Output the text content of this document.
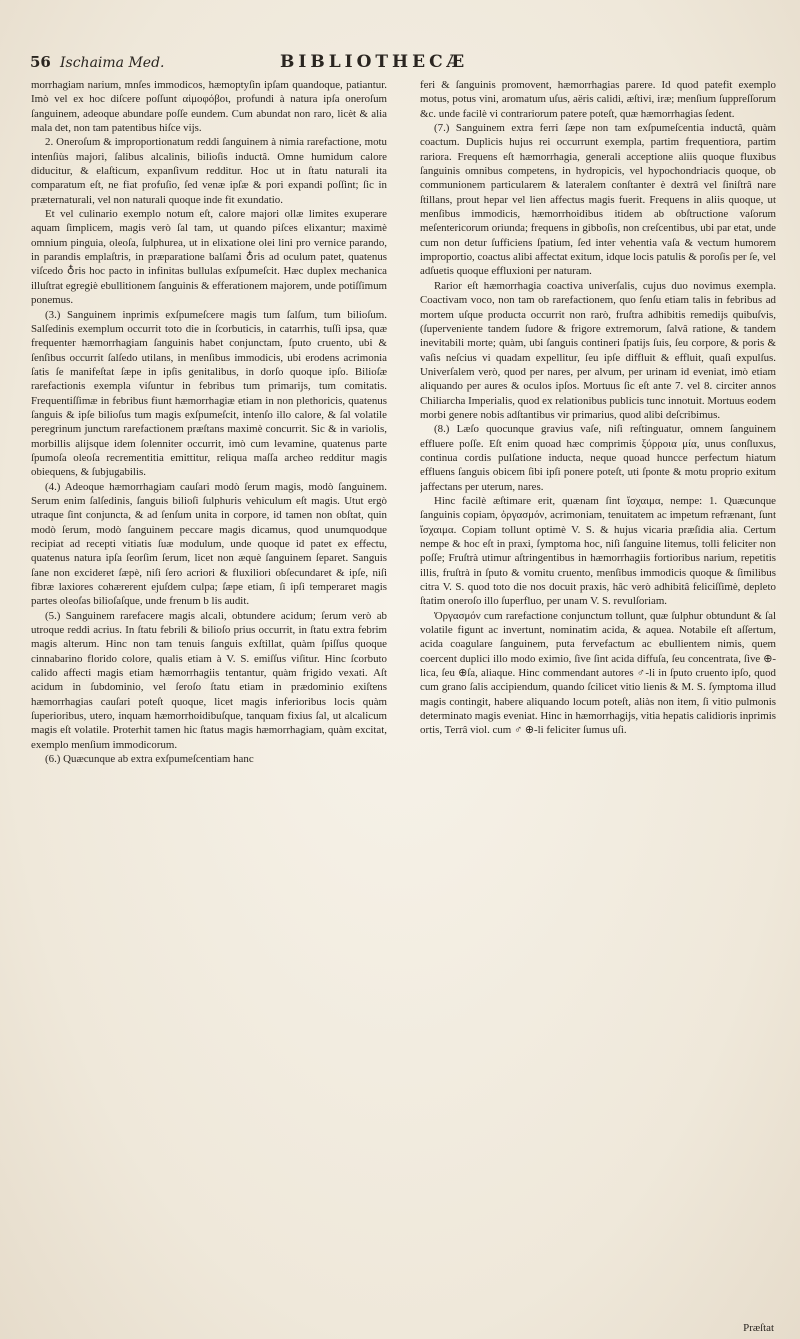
56 Ischaima Med.	BIBLIOTHECÆ

morrhagiam narium, mnſes immodicos, hæmoptyſin ipſam quandoque, patiantur. Imò vel ex hoc diſcere poſſunt αἱμοφόβοι, profundi à natura ipſa oneroſum ſanguinem, adeoque abundare poſſe eundem. Cum abundat non raro, licèt & alia mala det, non tam patentibus hiſce vijs.

2. Oneroſum & improportionatum reddi ſanguinem à nimia rarefactione, motu intenſiùs majori, ſalibus alcalinis, bilioſis inductâ. Omne humidum calore diducitur, & elaſticum, expanſivum redditur. Hoc ut in ſtatu naturali ita comparatum eſt, ne fiat profuſio, ſed venæ ipſæ & pori expandi poſſint; ſic in præternaturali, vel non naturali quoque inde fit exundatio.

Et vel culinario exemplo notum eſt, calore majori ollæ limites exuperare aquam ſimplicem, magis verò ſal tam, ut quando piſces elixantur; maximè omnium pinguia, oleoſa, ſulphurea, ut in elixatione olei lini pro vernice parando, in parandis emplaſtris, in præparatione balſami ♁ris ad oculum patet, quatenus viſcedo ♁ris hoc pacto in infinitas bullulas exſpumeſcit. Hæc duplex mechanica illuſtrat egregiè ebullitionem ſanguinis & efferationem majorem, unde potiſſimum ponemus.

(3.) Sanguinem inprimis exſpumeſcere magis tum ſalſum, tum bilioſum. Salſedinis exemplum occurrit toto die in ſcorbuticis, in catarrhis, tuſſi ipsa, quæ frequenter hæmorrhagiam ſanguinis habet conjunctam, ſputo cruento, ubi & ſenſibus occurrit ſalſedo utilans, in menſibus immodicis, ubi erodens acrimonia ſatis ſe manifeſtat ſæpe in ipſis genitalibus, in dorſo quoque ipſo. Bilioſæ rarefactionis exempla viſuntur in febribus tum primarijs, tum comitatis. Frequentiſſimæ in febribus fiunt hæmorrhagiæ etiam in non plethoricis, quatenus ſanguis & ipſe bilioſus tum magis exſpumeſcit, intenſo illo calore, & ſal volatile peregrinum junctum rarefactionem præſtans maximè concurrit. Sic & in variolis, morbillis alijsque idem ſolenniter occurrit, imò cum levamine, quatenus parte ſpumoſa oleoſa recrementitia emittitur, reliqua maſſa archeo redditur magis obiequens, & ſubjugabilis.

(4.) Adeoque hæmorrhagiam cauſari modò ſerum magis, modò ſanguinem. Serum enim ſalſedinis, ſanguis bilioſi ſulphuris vehiculum eſt magis. Utut ergò utraque ſint conjuncta, & ad ſenſum unita in corpore, id tamen non obſtat, quin modò ſerum, modò ſanguinem peccare magis dicamus, quod unumquodque recipiat ad recepti vitiatis ſuæ modulum, unde quoque id patet ex effectu, quatenus natura ipſa ſeorſim ſerum, licet non æquè ſanguinem ſeparet. Sanguis ſane non excideret ſæpè, niſi ſero acriori & fluxiliori obſecundaret & ipſe, niſi fibræ laxiores cohærerent ejuſdem culpa; ſæpe etiam, ſi ipſi temperaret magis partes oleoſas bilioſaſque, unde frenum b lis audit.

(5.) Sanguinem rarefacere magis alcali, obtundere acidum; ſerum verò ab utroque reddi acrius. In ſtatu febrili & bilioſo prius occurrit, in ſtatu extra febrim magis alterum. Hinc non tam tenuis ſanguis exſtillat, quàm ſpiſſus quoque cinnabarino florido colore, qualis etiam à V. S. emiſſus viſitur. Hinc ſcorbuto calido affecti magis etiam hæmorrhagiis tentantur, quàm frigido vexati. Aſt acidum in ſubdominio, vel ſeroſo ſtatu etiam in prædominio exiſtens hæmorrhagias cauſari poteſt quoque, licet magis inferioribus locis quàm ſuperioribus, utero, inquam hæmorrhoidibuſque, tanquam fixius ſal, ut alcalicum magis eſt volatile. Proterhit tamen hic ſtatus magis hæmorrhagiam, quàm excitat, exemplo menſium immodicorum.

(6.) Quæcunque ab extra exſpumeſcentiam hanc

feri & ſanguinis promovent, hæmorrhagias parere. Id quod patefit exemplo motus, potus vini, aromatum uſus, aëris calidi, æſtivi, iræ; menſium ſuppreſſorum &c. unde facilè vi contrariorum patere poteſt, quæ hæmorrhagias ſedent.

(7.) Sanguinem extra ferri ſæpe non tam exſpumeſcentia inductâ, quàm coactum. Duplicis hujus rei occurrunt exempla, partim frequentiora, partim rariora. Frequens eſt hæmorrhagia, generali acceptione aliis quoque fluxibus ſanguinis omnibus competens, in hydropicis, vel hypochondriacis quoque, ob communionem particularem & lateralem conſtanter è dextrâ vel ſiniſtrâ nare ſtillans, prout hepar vel lien affectus magis fuerit. Frequens in aliis quoque, ut menſibus immodicis, hæmorrhoidibus itidem ab obſtructione vaſorum meſentericorum oriunda; frequens in gibboſis, non creſcentibus, ubi par etat, unde cum non detur ſufficiens ſpatium, ſed inter vehentia vaſa & vectum humorem improportio, coactus alibi affectat exitum, idque locis patulis & poroſis per ſe, vel adſuetis quoque effluxioni per naturam.

Rarior eſt hæmorrhagia coactiva univerſalis, cujus duo novimus exempla. Coactivam voco, non tam ob rarefactionem, quo ſenſu etiam talis in febribus ad mortem uſque producta occurrit non rarò, fruſtra adhibitis remedijs quibuſvis, (ſuperveniente tandem ſudore & frigore extremorum, ſalvâ ratione, & tandem inevitabili morte; quàm, ubi ſanguis contineri ſpatijs ſuis, ſeu corpore, & poris & vaſis neſcius vi quadam expellitur, ſeu ipſe diffluit & effluit, quaſi expulſus. Univerſalem verò, quod per nares, per alvum, per urinam id eveniat, imò etiam aliquando per aures & oculos ipſos. Mortuus ſic eſt ante 7. vel 8. circiter annos Chiliarcha Imperialis, quod ex relationibus publicis tunc innotuit. Mortuus eodem morbi genere nobis adſtantibus vir primarius, quod alibi deſcribimus.

(8.) Læſo quocunque gravius vaſe, niſi reſtinguatur, omnem ſanguinem effluere poſſe. Eſt enim quoad hæc comprimis ξύρροια μία, unus conſluxus, continua cordis pulſatione inducta, neque quoad huncce perfectum hiatum effluens ſanguis obicem ſibi ipſi ponere poteſt, uti ſponte & motu proprio exitum jaffectans per uterum, nares.

Hinc facilè æſtimare erit, quænam ſint ἴσχαιμα, nempe: 1. Quæcunque ſanguinis copiam, ὀργασμόν, acrimoniam, tenuitatem ac impetum refrænant, ſunt ἴσχαιμα. Copiam tollunt optimè V. S. & hujus vicaria præſidia alia. Certum nempe & hoc eſt in praxi, ſymptoma hoc, niſi ſanguine litemus, tolli feliciter non poſſe; Fruſtrà utimur aſtringentibus in hæmorrhagiis fortioribus narium, repetitis illis, fruſtrà in ſputo & vomitu cruento, menſibus immodicis quoque & ſimilibus citra V. S. quod toto die nos docuit praxis, hâc verò adhibitâ feliciſſimè, depleto ſtatim oneroſo illo ſuperfluo, per unam V. S. revulſoriam.

Ὀργασμόν cum rarefactione conjunctum tollunt, quæ ſulphur obtundunt & ſal volatile figunt ac invertunt, nominatim acida, & aquea. Notabile eſt aſſertum, acida coagulare ſanguinem, puta fervefactum ac ebullientem nimis, quem coercent duplici illo modo eximio, ſive ſint acida diffuſa, ſeu concentrata, ſive ⊕-lica, ſeu ⊕ſa, aliaque. Hinc commendant autores ♂-li in ſputo cruento ipſo, quod cum grano ſalis accipiendum, quando ſcilicet vitio lienis & M. S. ſymptoma illud magis contingit, habere aliquando locum poteſt, aliàs non item, ſi vitio pulmonis determinato magis eveniat. Hinc in hæmorrhagijs, vitia hepatis calidioris inprimis ortis, Terrâ viol. cum ♂ ⊕-li feliciter ſumus uſi.

Præſtat
